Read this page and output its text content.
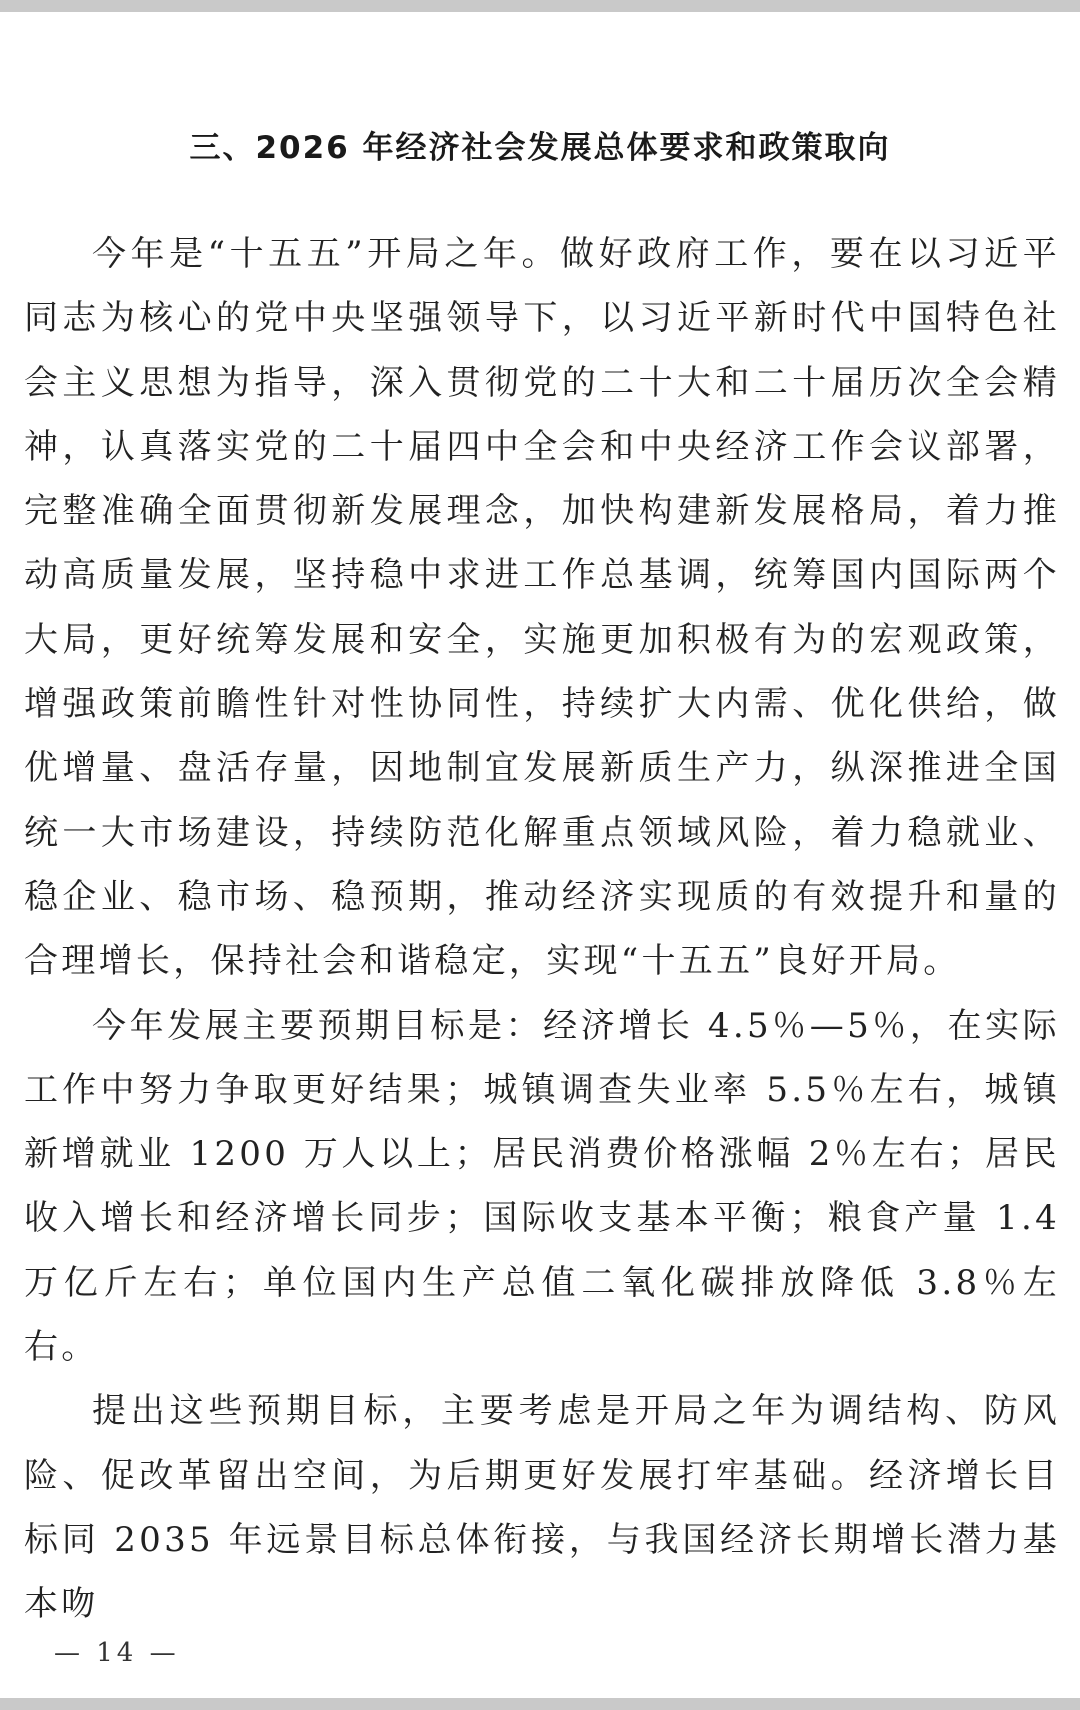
三、2026 年经济社会发展总体要求和政策取向

今年是“十五五”开局之年。做好政府工作，要在以习近平同志为核心的党中央坚强领导下，以习近平新时代中国特色社会主义思想为指导，深入贯彻党的二十大和二十届历次全会精神，认真落实党的二十届四中全会和中央经济工作会议部署，完整准确全面贯彻新发展理念，加快构建新发展格局，着力推动高质量发展，坚持稳中求进工作总基调，统筹国内国际两个大局，更好统筹发展和安全，实施更加积极有为的宏观政策，增强政策前瞻性针对性协同性，持续扩大内需、优化供给，做优增量、盘活存量，因地制宜发展新质生产力，纵深推进全国统一大市场建设，持续防范化解重点领域风险，着力稳就业、稳企业、稳市场、稳预期，推动经济实现质的有效提升和量的合理增长，保持社会和谐稳定，实现“十五五”良好开局。

今年发展主要预期目标是：经济增长 4.5％—5％，在实际工作中努力争取更好结果；城镇调查失业率 5.5％左右，城镇新增就业 1200 万人以上；居民消费价格涨幅 2％左右；居民收入增长和经济增长同步；国际收支基本平衡；粮食产量 1.4 万亿斤左右；单位国内生产总值二氧化碳排放降低 3.8％左右。

提出这些预期目标，主要考虑是开局之年为调结构、防风险、促改革留出空间，为后期更好发展打牢基础。经济增长目标同 2035 年远景目标总体衔接，与我国经济长期增长潜力基本吻

— 14 —
